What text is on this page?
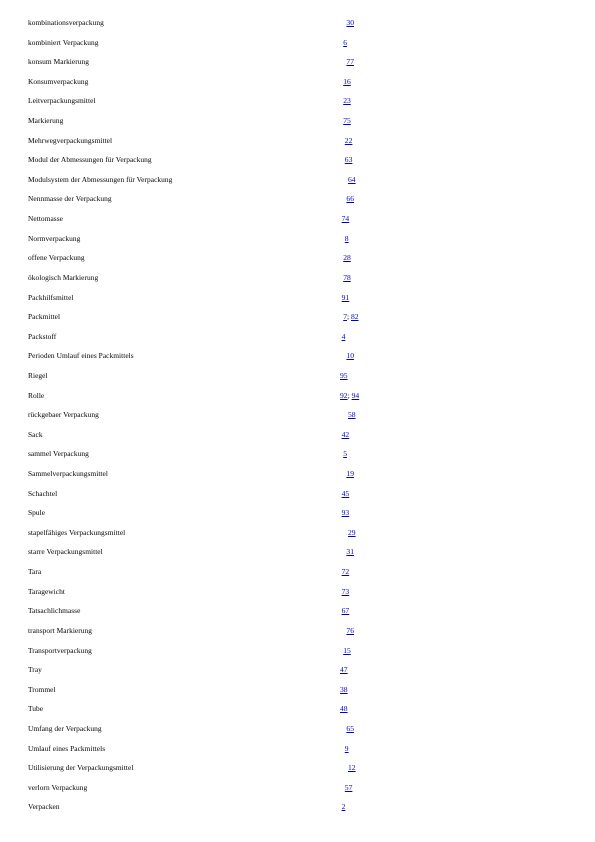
kombinationsverpackung	30
kombiniert Verpackung	6
konsum Markierung	77
Konsumverpackung	16
Leitverpackungsmittel	23
Markierung	75
Mehrwegverpackungsmittel	22
Modul der Abmessungen für Verpackung	63
Modulsystem der Abmessungen für Verpackung	64
Nennmasse der Verpackung	66
Nettomasse	74
Normverpackung	8
offene Verpackung	28
ökologisch Markierung	78
Packhilfsmittel	91
Packmittel	7; 82
Packstoff	4
Perioden Umlauf eines Packmittels	10
Riegel	95
Rolle	92; 94
rückgebaer Verpackung	58
Sack	42
sammel Verpackung	5
Sammelverpackungsmittel	19
Schachtel	45
Spule	93
stapelfähiges Verpackungsmittel	29
starre Verpackungsmittel	31
Tara	72
Taragewicht	73
Tatsachlichmasse	67
transport Markierung	76
Transportverpackung	15
Tray	47
Trommel	38
Tube	48
Umfang der Verpackung	65
Umlauf eines Packmittels	9
Utilisierung der Verpackungsmittel	12
verlorn Verpackung	57
Verpacken	2
